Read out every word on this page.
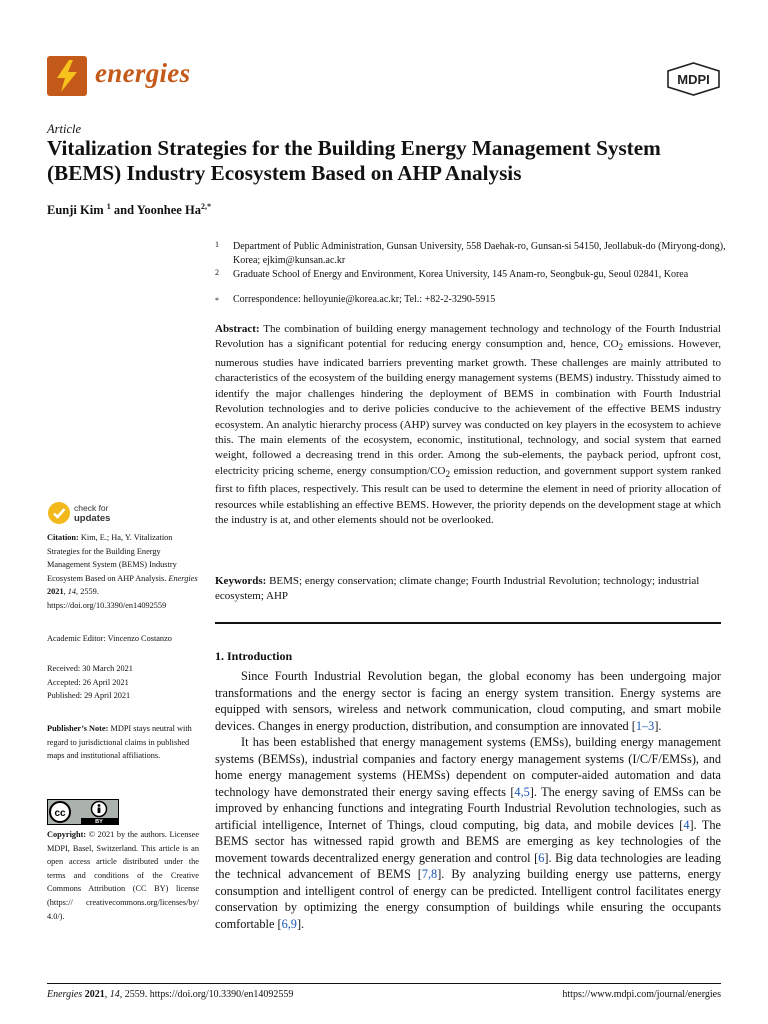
energies	MDPI
Article
Vitalization Strategies for the Building Energy Management System (BEMS) Industry Ecosystem Based on AHP Analysis
Eunji Kim $^1$ and Yoonhee $Ha^{2,*}$
1	Department of Public Administration, Gunsan University, 558 Daehak-ro, Gunsan-si 54150, Jeollabuk-do (Miryong-dong), Korea; ejkim@kunsan.ac.kr
2	Graduate School of Energy and Environment, Korea University, 145 Anam-ro, Seongbuk-gu, Seoul 02841, Korea
*	Correspondence: helloyunie@korea.ac.kr; Tel.: +82-2-3290-5915
Abstract: The combination of building energy management technology and technology of the Fourth Industrial Revolution has a significant potential for reducing energy consumption and, hence, $CO_2$ emissions. However, numerous studies have indicated barriers preventing market growth. These challenges are mainly attributed to characteristics of the ecosystem of the building energy management systems (BEMS) industry. Thisstudy aimed to identify the major challenges hindering the deployment of BEMS in combination with Fourth Industrial Revolution technologies and to derive policies conducive to the achievement of the effective BEMS industry ecosystem. An analytic hierarchy process (AHP) survey was conducted on key players in the ecosystem to achieve this. The main elements of the ecosystem, economic, institutional, technology, and social system that earned weight, followed a decreasing trend in this order. Among the sub-elements, the payback period, upfront cost, electricity pricing scheme, energy consumption/$CO_2$ emission reduction, and government support system ranked first to fifth places, respectively. This result can be used to determine the element in need of priority allocation of resources while establishing an effective BEMS. However, the priority depends on the development stage at which the industry is at, and other elements should not be overlooked.
Keywords: BEMS; energy conservation; climate change; Fourth Industrial Revolution; technology; industrial ecosystem; AHP
check for
updates
Citation: Kim, E.; Ha, Y. Vitalization Strategies for the Building Energy Management System (BEMS) Industry Ecosystem Based on AHP Analysis. Energies 2021, 14, 2559. https://doi.org/10.3390/en14092559
Academic Editor: Vincenzo Costanzo
Received: 30 March 2021
Accepted: 26 April 2021
Published: 29 April 2021
Publisher’s Note: MDPI stays neutral with regard to jurisdictional claims in published maps and institutional affiliations.
cc
BY
Copyright: © 2021 by the authors. Licensee MDPI, Basel, Switzerland. This article is an open access article distributed under the terms and conditions of the Creative Commons Attribution (CC BY) license (https:// creativecommons.org/licenses/by/ 4.0/).
1. Introduction

Since Fourth Industrial Revolution began, the global economy has been undergoing major transformations and the energy sector is facing an energy system transition. Energy systems are equipped with sensors, wireless and network communication, cloud computing, and smart mobile devices. Changes in energy production, distribution, and consumption are innovated [1–3].

It has been established that energy management systems (EMSs), building energy management systems (BEMSs), industrial companies and factory energy management systems (I/C/F/EMSs), and home energy management systems (HEMSs) dependent on computer-aided automation and data technology have demonstrated their energy saving effects [4,5]. The energy saving of EMSs can be improved by enhancing functions and integrating Fourth Industrial Revolution technologies, such as artificial intelligence, Internet of Things, cloud computing, big data, and mobile devices [4]. The BEMS sector has witnessed rapid growth and BEMS are emerging as key technologies of the movement towards decentralized energy generation and control [6]. Big data technologies are leading the technical advancement of BEMS [7,8]. By analyzing building energy use patterns, energy consumption and intelligent control of energy can be predicted. Intelligent control facilitates energy conservation by optimizing the energy consumption of buildings while ensuring the occupants comfortable [6,9].

Energies 2021, 14, 2559. https://doi.org/10.3390/en14092559	https://www.mdpi.com/journal/energies
